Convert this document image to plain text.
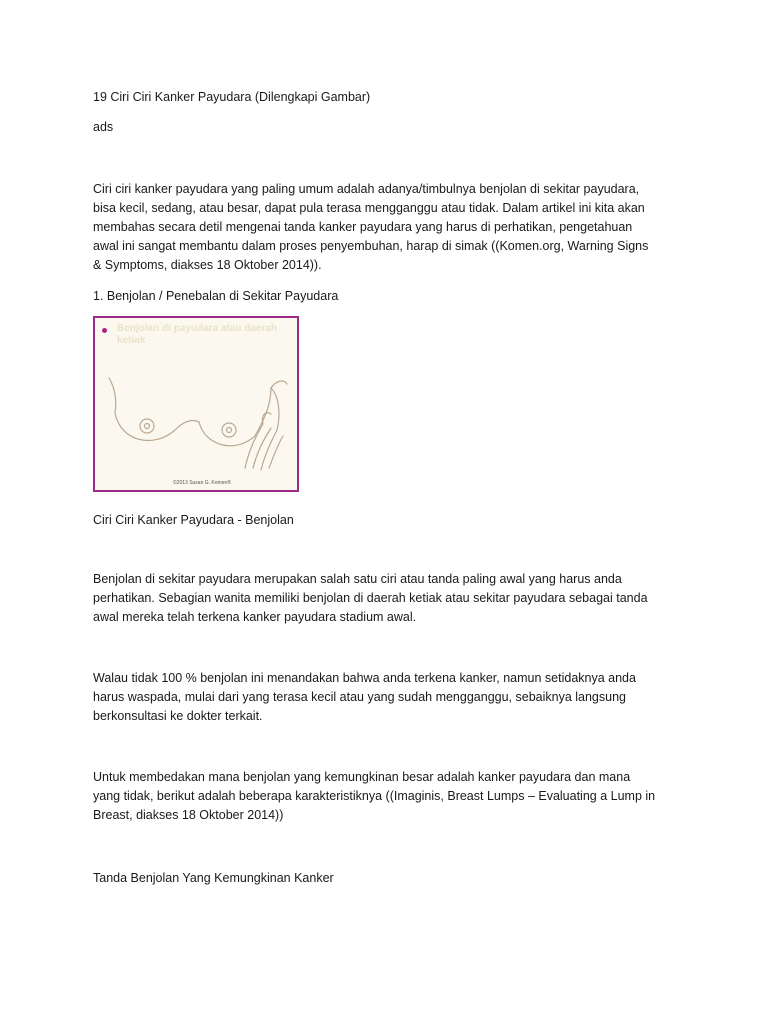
19 Ciri Ciri Kanker Payudara (Dilengkapi Gambar)
ads
Ciri ciri kanker payudara yang paling umum adalah adanya/timbulnya benjolan di sekitar payudara,
bisa kecil, sedang, atau besar, dapat pula terasa mengganggu atau tidak. Dalam artikel ini kita akan
membahas secara detil mengenai tanda kanker payudara yang harus di perhatikan, pengetahuan
awal ini sangat membantu dalam proses penyembuhan, harap di simak ((Komen.org, Warning Signs
& Symptoms, diakses 18 Oktober 2014)).
1. Benjolan / Penebalan di Sekitar Payudara
Benjolan di payudara atau daerah ketiak
©2013 Susan G. Komen®
Ciri Ciri Kanker Payudara - Benjolan
Benjolan di sekitar payudara merupakan salah satu ciri atau tanda paling awal yang harus anda
perhatikan. Sebagian wanita memiliki benjolan di daerah ketiak atau sekitar payudara sebagai tanda
awal mereka telah terkena kanker payudara stadium awal.
Walau tidak 100 % benjolan ini menandakan bahwa anda terkena kanker, namun setidaknya anda
harus waspada, mulai dari yang terasa kecil atau yang sudah mengganggu, sebaiknya langsung
berkonsultasi ke dokter terkait.
Untuk membedakan mana benjolan yang kemungkinan besar adalah kanker payudara dan mana
yang tidak, berikut adalah beberapa karakteristiknya ((Imaginis, Breast Lumps – Evaluating a Lump in
Breast, diakses 18 Oktober 2014))
Tanda Benjolan Yang Kemungkinan Kanker
